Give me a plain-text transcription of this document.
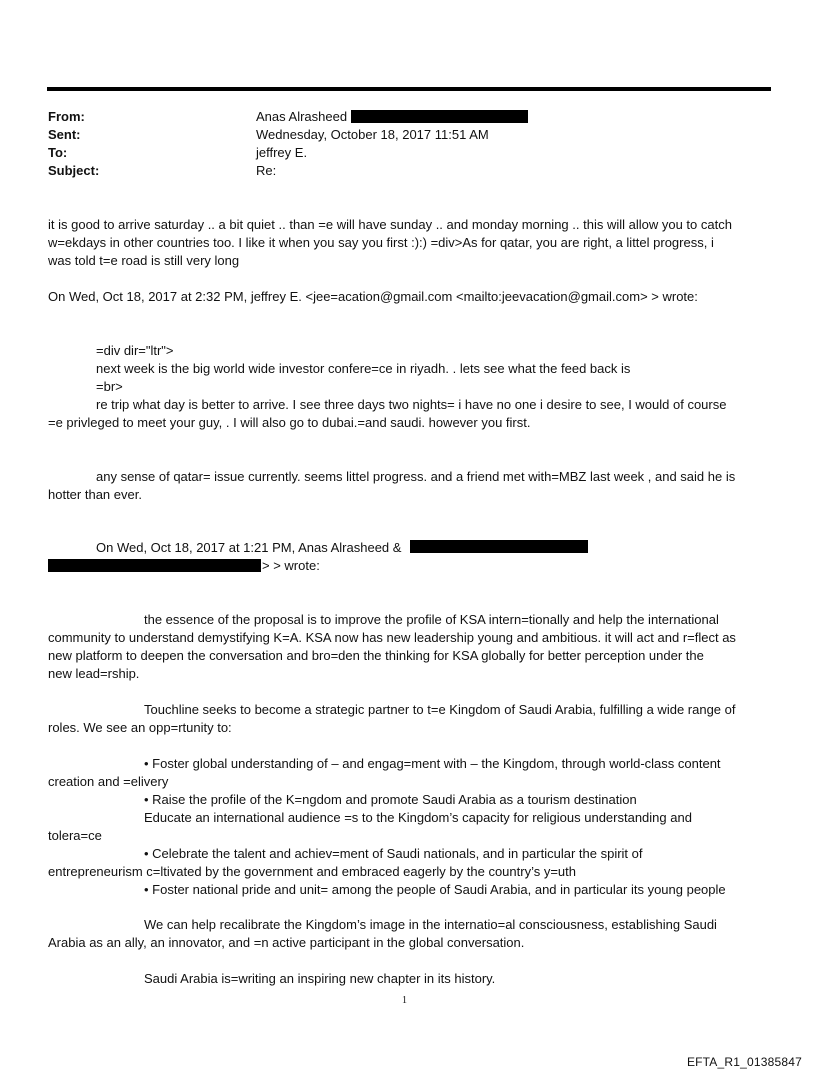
From:	Anas Alrasheed
Sent:	Wednesday, October 18, 2017 11:51 AM
To:	jeffrey E.
Subject:	Re:
it is good to arrive saturday .. a bit quiet .. than =e will have sunday .. and monday morning .. this will allow you to catch
w=ekdays in other countries too. I like it when you say you first :):) =div>As for qatar, you are right, a littel progress, i
was told t=e road is still very long
On Wed, Oct 18, 2017 at 2:32 PM, jeffrey E. <jee=acation@gmail.com <mailto:jeevacation@gmail.com> > wrote:
=div dir="ltr">
next week is the big world wide investor confere=ce in riyadh. . lets see what the feed back is
=br>
re trip what day is better to arrive. I see three days two nights= i have no one i desire to see, I would of course
=e privleged to meet your guy, . I will also go to dubai.=and saudi. however you first.
any sense of qatar= issue currently. seems littel progress. and a friend met with=MBZ last week , and said he is
hotter than ever.
On Wed, Oct 18, 2017 at 1:21 PM, Anas Alrasheed &
> > wrote:
the essence of the proposal is to improve the profile of KSA intern=tionally and help the international
community to understand demystifying K=A. KSA now has new leadership young and ambitious. it will act and r=flect as
new platform to deepen the conversation and bro=den the thinking for KSA globally for better perception under the
new lead=rship.
Touchline seeks to become a strategic partner to t=e Kingdom of Saudi Arabia, fulfilling a wide range of
roles. We see an opp=rtunity to:
• Foster global understanding of – and engag=ment with – the Kingdom, through world-class content
creation and =elivery
• Raise the profile of the K=ngdom and promote Saudi Arabia as a tourism destination
Educate an international audience =s to the Kingdom’s capacity for religious understanding and
tolera=ce
• Celebrate the talent and achiev=ment of Saudi nationals, and in particular the spirit of
entrepreneurism c=ltivated by the government and embraced eagerly by the country’s y=uth
• Foster national pride and unit= among the people of Saudi Arabia, and in particular its young people
We can help recalibrate the Kingdom’s image in the internatio=al consciousness, establishing Saudi
Arabia as an ally, an innovator, and =n active participant in the global conversation.
Saudi Arabia is=writing an inspiring new chapter in its history.
1
EFTA_R1_01385847
